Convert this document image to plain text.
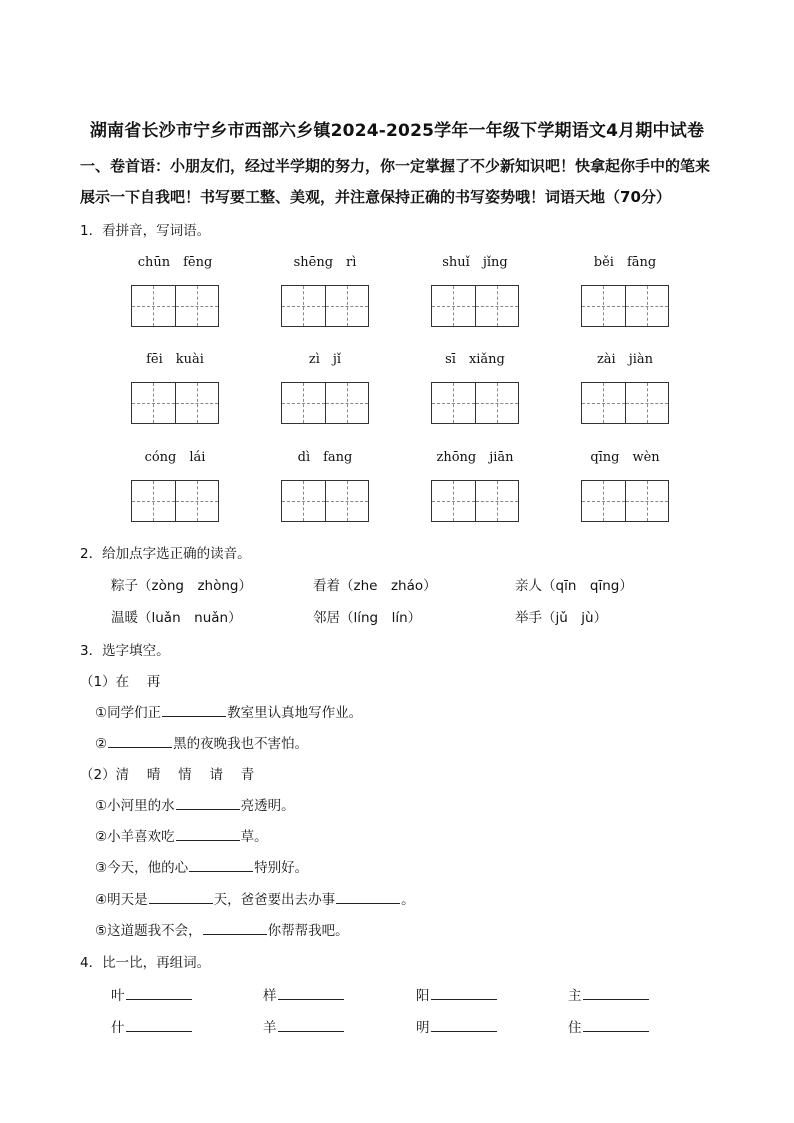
湖南省长沙市宁乡市西部六乡镇2024-2025学年一年级下学期语文4月期中试卷
一、卷首语：小朋友们，经过半学期的努力，你一定掌握了不少新知识吧！快拿起你手中的笔来
展示一下自我吧！书写要工整、美观，并注意保持正确的书写姿势哦！词语天地（70分）
1．看拼音，写词语。
chūn　fēng	shēng　rì	shuǐ　jǐng	běi　fāng
fēi　kuài	zì　jǐ	sī　xiǎng	zài　jiàn
cóng　lái	dì　fang	zhōng　jiān	qīng　wèn
2．给加点字选正确的读音。
粽子（zòng　zhòng）	看着（zhe　zháo）	亲人（qīn　qīng）
温暖（luǎn　nuǎn）	邻居（líng　lín）	举手（jǔ　jù）
3．选字填空。
（1）在　 再
①同学们正	教室里认真地写作业。
②	黑的夜晚我也不害怕。
（2）清　 晴　 情　 请　 青
①小河里的水	亮透明。
②小羊喜欢吃	草。
③今天，他的心	特别好。
④明天是	天，爸爸要出去办事	。
⑤这道题我不会，	你帮帮我吧。
4．比一比，再组词。
叶	样	阳	主
什	羊	明	住
